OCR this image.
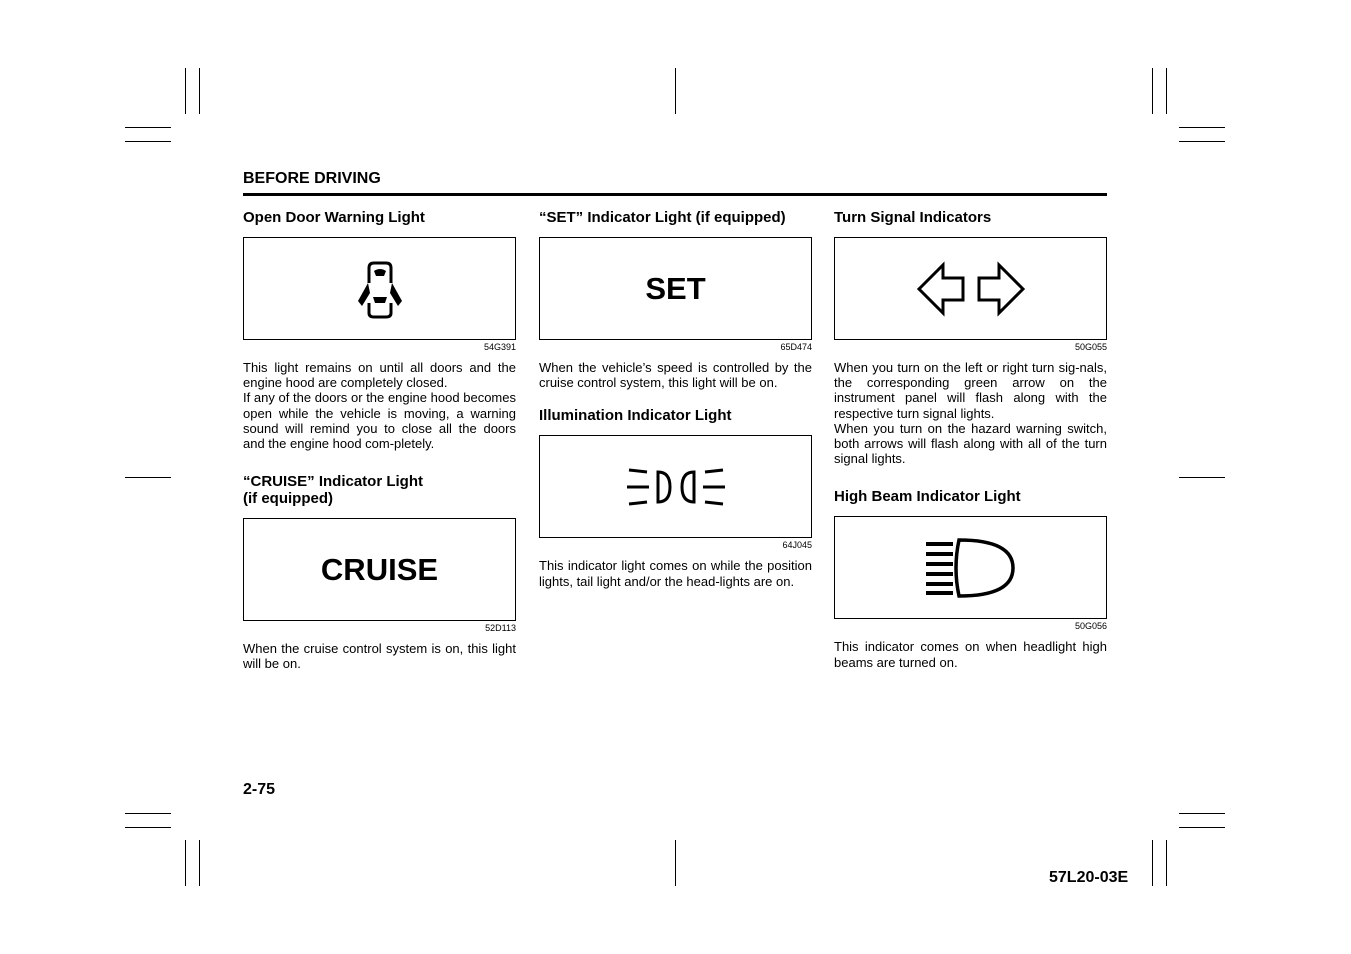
BEFORE DRIVING
Open Door Warning Light
54G391

This light remains on until all doors and the engine hood are completely closed.

If any of the doors or the engine hood becomes open while the vehicle is moving, a warning sound will remind you to close all the doors and the engine hood com-pletely.

“CRUISE” Indicator Light
(if equipped)
CRUISE
52D113

When the cruise control system is on, this light will be on.

“SET” Indicator Light (if equipped)
SET
65D474

When the vehicle’s speed is controlled by the cruise control system, this light will be on.

Illumination Indicator Light
64J045

This indicator light comes on while the position lights, tail light and/or the head-lights are on.

Turn Signal Indicators
50G055

When you turn on the left or right turn sig-nals, the corresponding green arrow on the instrument panel will flash along with the respective turn signal lights.

When you turn on the hazard warning switch, both arrows will flash along with all of the turn signal lights.

High Beam Indicator Light
50G056

This indicator comes on when headlight high beams are turned on.

2-75
57L20-03E
